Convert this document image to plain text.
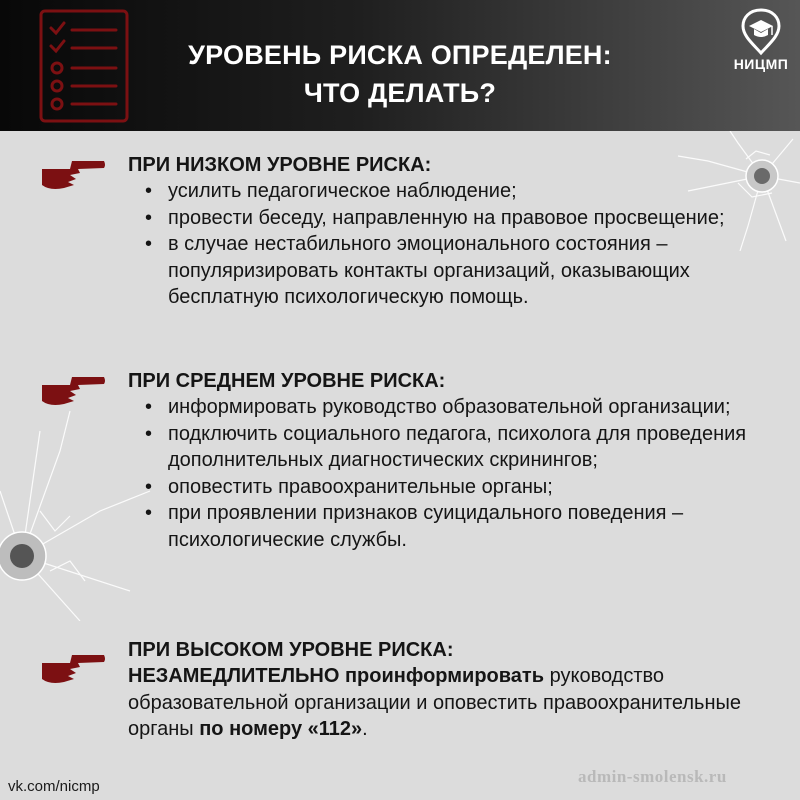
УРОВЕНЬ РИСКА ОПРЕДЕЛЕН:
ЧТО ДЕЛАТЬ?
НИЦМП
ПРИ НИЗКОМ УРОВНЕ РИСКА:
• усилить педагогическое наблюдение;
• провести беседу, направленную на правовое просвещение;
• в случае нестабильного эмоционального состояния – популяризировать контакты организаций, оказывающих бесплатную психологическую помощь.
ПРИ СРЕДНЕМ УРОВНЕ РИСКА:
• информировать руководство образовательной организации;
• подключить социального педагога, психолога для проведения дополнительных диагностических скринингов;
• оповестить правоохранительные органы;
• при проявлении признаков суицидального поведения – психологические службы.
ПРИ ВЫСОКОМ УРОВНЕ РИСКА:
НЕЗАМЕДЛИТЕЛЬНО проинформировать руководство образовательной организации и оповестить правоохранительные органы по номеру «112».
vk.com/nicmp
admin-smolensk.ru
